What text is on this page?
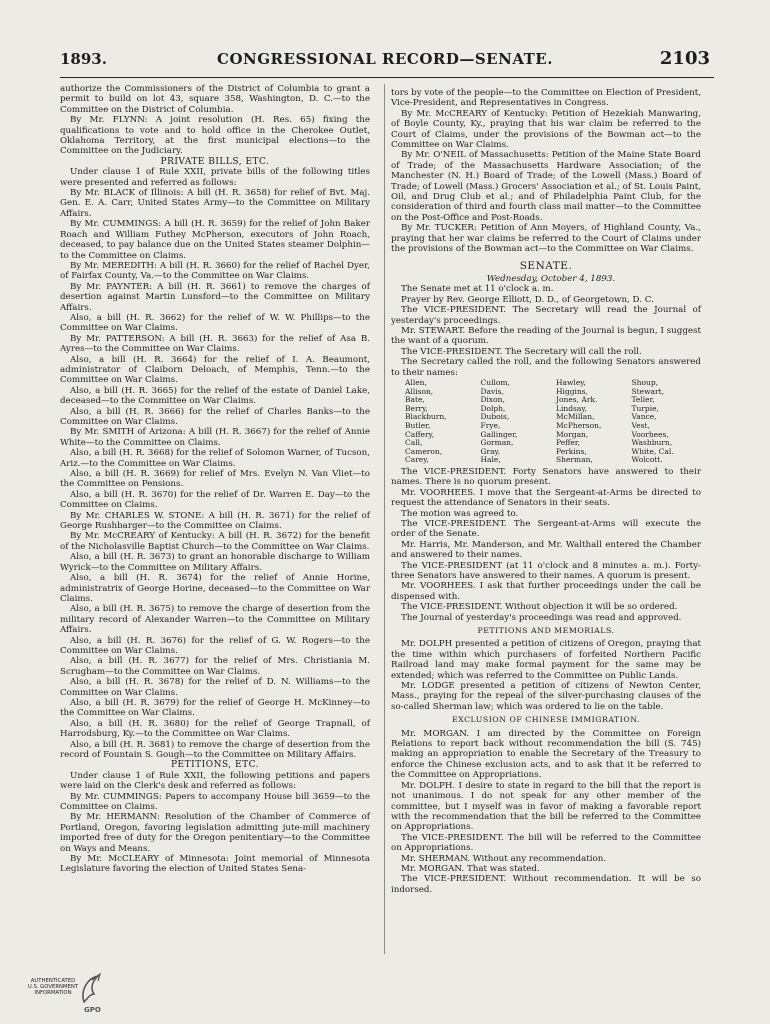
1893.	CONGRESSIONAL RECORD—SENATE.	2103

authorize the Commissioners of the District of Columbia to grant a permit to build on lot 43, square 358, Washington, D. C.—to the Committee on the District of Columbia.

By Mr. FLYNN: A joint resolution (H. Res. 65) fixing the qualifications to vote and to hold office in the Cherokee Outlet, Oklahoma Territory, at the first municipal elections—to the Committee on the Judiciary.

PRIVATE BILLS, ETC.

Under clause 1 of Rule XXII, private bills of the following titles were presented and referred as follows:

By Mr. BLACK of Illinois: A bill (H. R. 3658) for relief of Bvt. Maj. Gen. E. A. Carr, United States Army—to the Committee on Military Affairs.

By Mr. CUMMINGS: A bill (H. R. 3659) for the relief of John Baker Roach and William Futhey McPherson, executors of John Roach, deceased, to pay balance due on the United States steamer Dolphin—to the Committee on Claims.

By Mr. MEREDITH: A bill (H. R. 3660) for the relief of Rachel Dyer, of Fairfax County, Va.—to the Committee on War Claims.

By Mr. PAYNTER: A bill (H. R. 3661) to remove the charges of desertion against Martin Lunsford—to the Committee on Military Affairs.

Also, a bill (H. R. 3662) for the relief of W. W. Phillips—to the Committee on War Claims.

By Mr. PATTERSON: A bill (H. R. 3663) for the relief of Asa B. Ayres—to the Committee on War Claims.

Also, a bill (H. R. 3664) for the relief of I. A. Beaumont, administrator of Claiborn Deloach, of Memphis, Tenn.—to the Committee on War Claims.

Also, a bill (H. R. 3665) for the relief of the estate of Daniel Lake, deceased—to the Committee on War Claims.

Also, a bill (H. R. 3666) for the relief of Charles Banks—to the Committee on War Claims.

By Mr. SMITH of Arizona: A bill (H. R. 3667) for the relief of Annie White—to the Committee on Claims.

Also, a bill (H. R. 3668) for the relief of Solomon Warner, of Tucson, Ariz.—to the Committee on War Claims.

Also, a bill (H. R. 3669) for relief of Mrs. Evelyn N. Van Vliet—to the Committee on Pensions.

Also, a bill (H. R. 3670) for the relief of Dr. Warren E. Day—to the Committee on Claims.

By Mr. CHARLES W. STONE: A bill (H. R. 3671) for the relief of George Rushbarger—to the Committee on Claims.

By Mr. McCREARY of Kentucky: A bill (H. R. 3672) for the benefit of the Nicholasville Baptist Church—to the Committee on War Claims.

Also, a bill (H. R. 3673) to grant an honorable discharge to William Wyrick—to the Committee on Military Affairs.

Also, a bill (H. R. 3674) for the relief of Annie Horine, administratrix of George Horine, deceased—to the Committee on War Claims.

Also, a bill (H. R. 3675) to remove the charge of desertion from the military record of Alexander Warren—to the Committee on Military Affairs.

Also, a bill (H. R. 3676) for the relief of G. W. Rogers—to the Committee on War Claims.

Also, a bill (H. R. 3677) for the relief of Mrs. Christiania M. Scrugham—to the Committee on War Claims.

Also, a bill (H. R. 3678) for the relief of D. N. Williams—to the Committee on War Claims.

Also, a bill (H. R. 3679) for the relief of George H. McKinney—to the Committee on War Claims.

Also, a bill (H. R. 3680) for the relief of George Trapnall, of Harrodsburg, Ky.—to the Committee on War Claims.

Also, a bill (H. R. 3681) to remove the charge of desertion from the record of Fountain S. Gough—to the Committee on Military Affairs.

PETITIONS, ETC.

Under clause 1 of Rule XXII, the following petitions and papers were laid on the Clerk's desk and referred as follows:

By Mr. CUMMINGS: Papers to accompany House bill 3659—to the Committee on Claims.

By Mr. HERMANN: Resolution of the Chamber of Commerce of Portland, Oregon, favoring legislation admitting jute-mill machinery imported free of duty for the Oregon penitentiary—to the Committee on Ways and Means.

By Mr. McCLEARY of Minnesota: Joint memorial of Minnesota Legislature favoring the election of United States Sena-

tors by vote of the people—to the Committee on Election of President, Vice-President, and Representatives in Congress.

By Mr. McCREARY of Kentucky: Petition of Hezekiah Manwaring, of Boyle County, Ky., praying that his war claim be referred to the Court of Claims, under the provisions of the Bowman act—to the Committee on War Claims.

By Mr. O'NEIL of Massachusetts: Petition of the Maine State Board of Trade; of the Massachusetts Hardware Association; of the Manchester (N. H.) Board of Trade; of the Lowell (Mass.) Board of Trade; of Lowell (Mass.) Grocers' Association et al.; of St. Louis Paint, Oil, and Drug Club et al.; and of Philadelphia Paint Club, for the consideration of third and fourth class mail matter—to the Committee on the Post-Office and Post-Roads.

By Mr. TUCKER: Petition of Ann Moyers, of Highland County, Va., praying that her war claims be referred to the Court of Claims under the provisions of the Bowman act—to the Committee on War Claims.

SENATE.

Wednesday, October 4, 1893.

The Senate met at 11 o'clock a. m.

Prayer by Rev. George Elliott, D. D., of Georgetown, D. C.

The VICE-PRESIDENT. The Secretary will read the Journal of yesterday's proceedings.

Mr. STEWART. Before the reading of the Journal is begun, I suggest the want of a quorum.

The VICE-PRESIDENT. The Secretary will call the roll.

The Secretary called the roll, and the following Senators answered to their names:

Allen,
Allison,
Bate,
Berry,
Blackburn,
Butler,
Caffery,
Call,
Cameron,
Carey,
Cullom,
Davis,
Dixon,
Dolph,
Dubois,
Frye,
Gallinger,
Gorman,
Gray,
Hale,
Hawley,
Higgins,
Jones, Ark.
Lindsay,
McMillan,
McPherson,
Morgan,
Peffer,
Perkins,
Sherman,
Shoup,
Stewart,
Teller,
Turpie,
Vance,
Vest,
Voorhees,
Washburn,
White, Cal.
Wolcott.

The VICE-PRESIDENT. Forty Senators have answered to their names. There is no quorum present.

Mr. VOORHEES. I move that the Sergeant-at-Arms be directed to request the attendance of Senators in their seats.

The motion was agreed to.

The VICE-PRESIDENT. The Sergeant-at-Arms will execute the order of the Senate.

Mr. Harris, Mr. Manderson, and Mr. Walthall entered the Chamber and answered to their names.

The VICE-PRESIDENT (at 11 o'clock and 8 minutes a. m.). Forty-three Senators have answered to their names. A quorum is present.

Mr. VOORHEES. I ask that further proceedings under the call be dispensed with.

The VICE-PRESIDENT. Without objection it will be so ordered.

The Journal of yesterday's proceedings was read and approved.

PETITIONS AND MEMORIALS.

Mr. DOLPH presented a petition of citizens of Oregon, praying that the time within which purchasers of forfeited Northern Pacific Railroad land may make formal payment for the same may be extended; which was referred to the Committee on Public Lands.

Mr. LODGE presented a petition of citizens of Newton Center, Mass., praying for the repeal of the silver-purchasing clauses of the so-called Sherman law; which was ordered to lie on the table.

EXCLUSION OF CHINESE IMMIGRATION.

Mr. MORGAN. I am directed by the Committee on Foreign Relations to report back without recommendation the bill (S. 745) making an appropriation to enable the Secretary of the Treasury to enforce the Chinese exclusion acts, and to ask that it be referred to the Committee on Appropriations.

Mr. DOLPH. I desire to state in regard to the bill that the report is not unanimous. I do not speak for any other member of the committee, but I myself was in favor of making a favorable report with the recommendation that the bill be referred to the Committee on Appropriations.

The VICE-PRESIDENT. The bill will be referred to the Committee on Appropriations.

Mr. SHERMAN. Without any recommendation.

Mr. MORGAN. That was stated.

The VICE-PRESIDENT. Without recommendation. It will be so indorsed.

AUTHENTICATED
U.S. GOVERNMENT
INFORMATION
GPO
